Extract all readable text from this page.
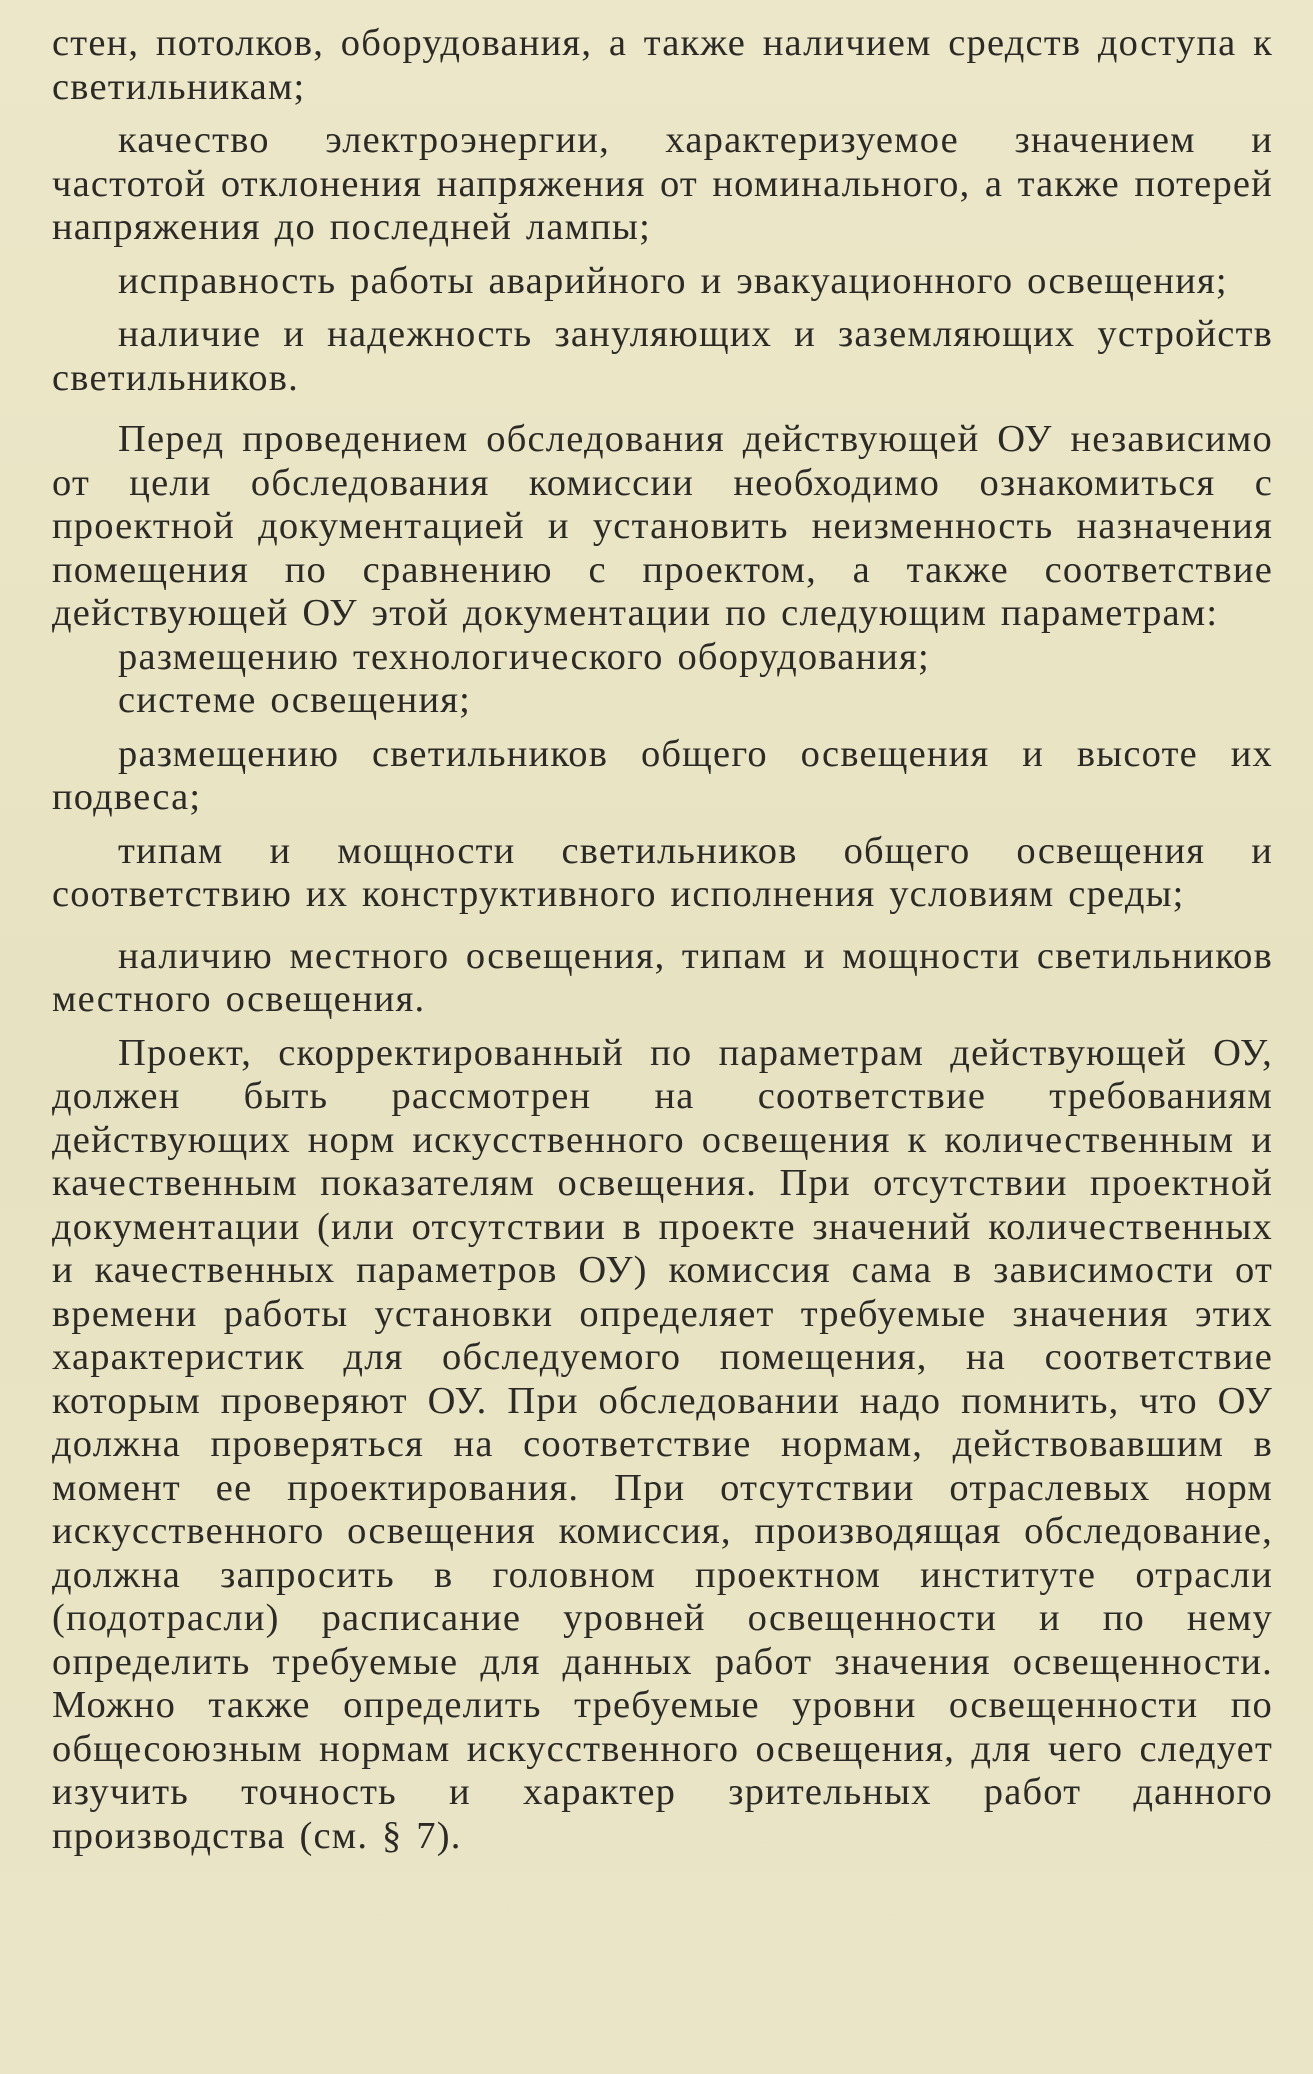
стен, потолков, оборудования, а также наличием средств доступа к светильникам;

качество электроэнергии, характеризуемое значением и частотой отклонения напряжения от номинального, а также потерей напряжения до последней лампы;

исправность работы аварийного и эвакуационного освещения;

наличие и надежность зануляющих и заземляющих устройств светильников.

Перед проведением обследования действующей ОУ независимо от цели обследования комиссии необходимо ознакомиться с проектной документацией и установить неизменность назначения помещения по сравнению с проектом, а также соответствие действующей ОУ этой документации по следующим параметрам:

размещению технологического оборудования;

системе освещения;

размещению светильников общего освещения и высоте их подвеса;

типам и мощности светильников общего освещения и соответствию их конструктивного исполнения условиям среды;

наличию местного освещения, типам и мощности светильников местного освещения.

Проект, скорректированный по параметрам действующей ОУ, должен быть рассмотрен на соответствие требованиям действующих норм искусственного освещения к количественным и качественным показателям освещения. При отсутствии проектной документации (или отсутствии в проекте значений количественных и качественных параметров ОУ) комиссия сама в зависимости от времени работы установки определяет требуемые значения этих характеристик для обследуемого помещения, на соответствие которым проверяют ОУ. При обследовании надо помнить, что ОУ должна проверяться на соответствие нормам, действовавшим в момент ее проектирования. При отсутствии отраслевых норм искусственного освещения комиссия, производящая обследование, должна запросить в головном проектном институте отрасли (подотрасли) расписание уровней освещенности и по нему определить требуемые для данных работ значения освещенности. Можно также определить требуемые уровни освещенности по общесоюзным нормам искусственного освещения, для чего следует изучить точность и характер зрительных работ данного производства (см. § 7).
